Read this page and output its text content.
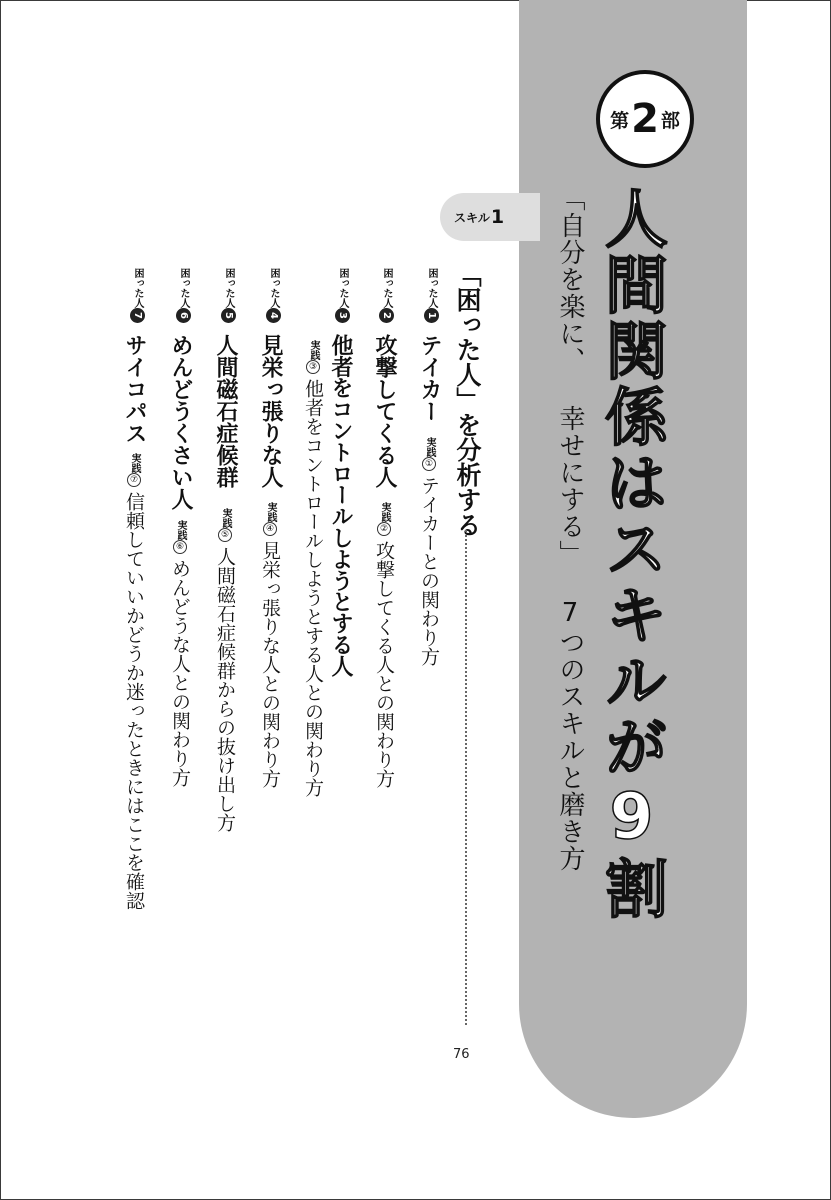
第 2 部
人間関係はスキルが9割
「自分を楽に、 幸せにする」 7つのスキルと磨き方
スキル 1
「困った人」を分析する
76
困った人1
テイカー
実践①テイカーとの関わり方
困った人2
攻撃してくる人
実践②攻撃してくる人との関わり方
困った人3
他者をコントロールしようとする人
実践③他者をコントロールしようとする人との関わり方
困った人4
見栄っ張りな人
実践④見栄っ張りな人との関わり方
困った人5
人間磁石症候群
実践⑤人間磁石症候群からの抜け出し方
困った人6
めんどうくさい人
実践⑥めんどうな人との関わり方
困った人7
サイコパス
実践⑦信頼していいかどうか迷ったときにはここを確認
